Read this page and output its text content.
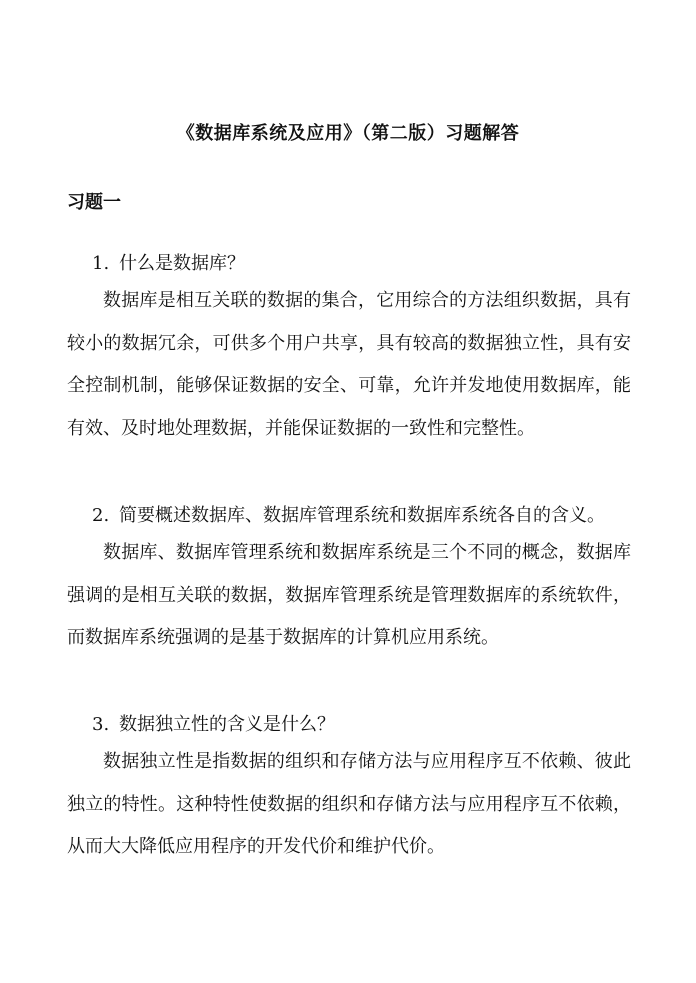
《数据库系统及应用》（第二版）习题解答
习题一
1. 什么是数据库？

数据库是相互关联的数据的集合，它用综合的方法组织数据，具有较小的数据冗余，可供多个用户共享，具有较高的数据独立性，具有安全控制机制，能够保证数据的安全、可靠，允许并发地使用数据库，能有效、及时地处理数据，并能保证数据的一致性和完整性。

2. 简要概述数据库、数据库管理系统和数据库系统各自的含义。

数据库、数据库管理系统和数据库系统是三个不同的概念，数据库强调的是相互关联的数据，数据库管理系统是管理数据库的系统软件，而数据库系统强调的是基于数据库的计算机应用系统。

3. 数据独立性的含义是什么？

数据独立性是指数据的组织和存储方法与应用程序互不依赖、彼此独立的特性。这种特性使数据的组织和存储方法与应用程序互不依赖，从而大大降低应用程序的开发代价和维护代价。
